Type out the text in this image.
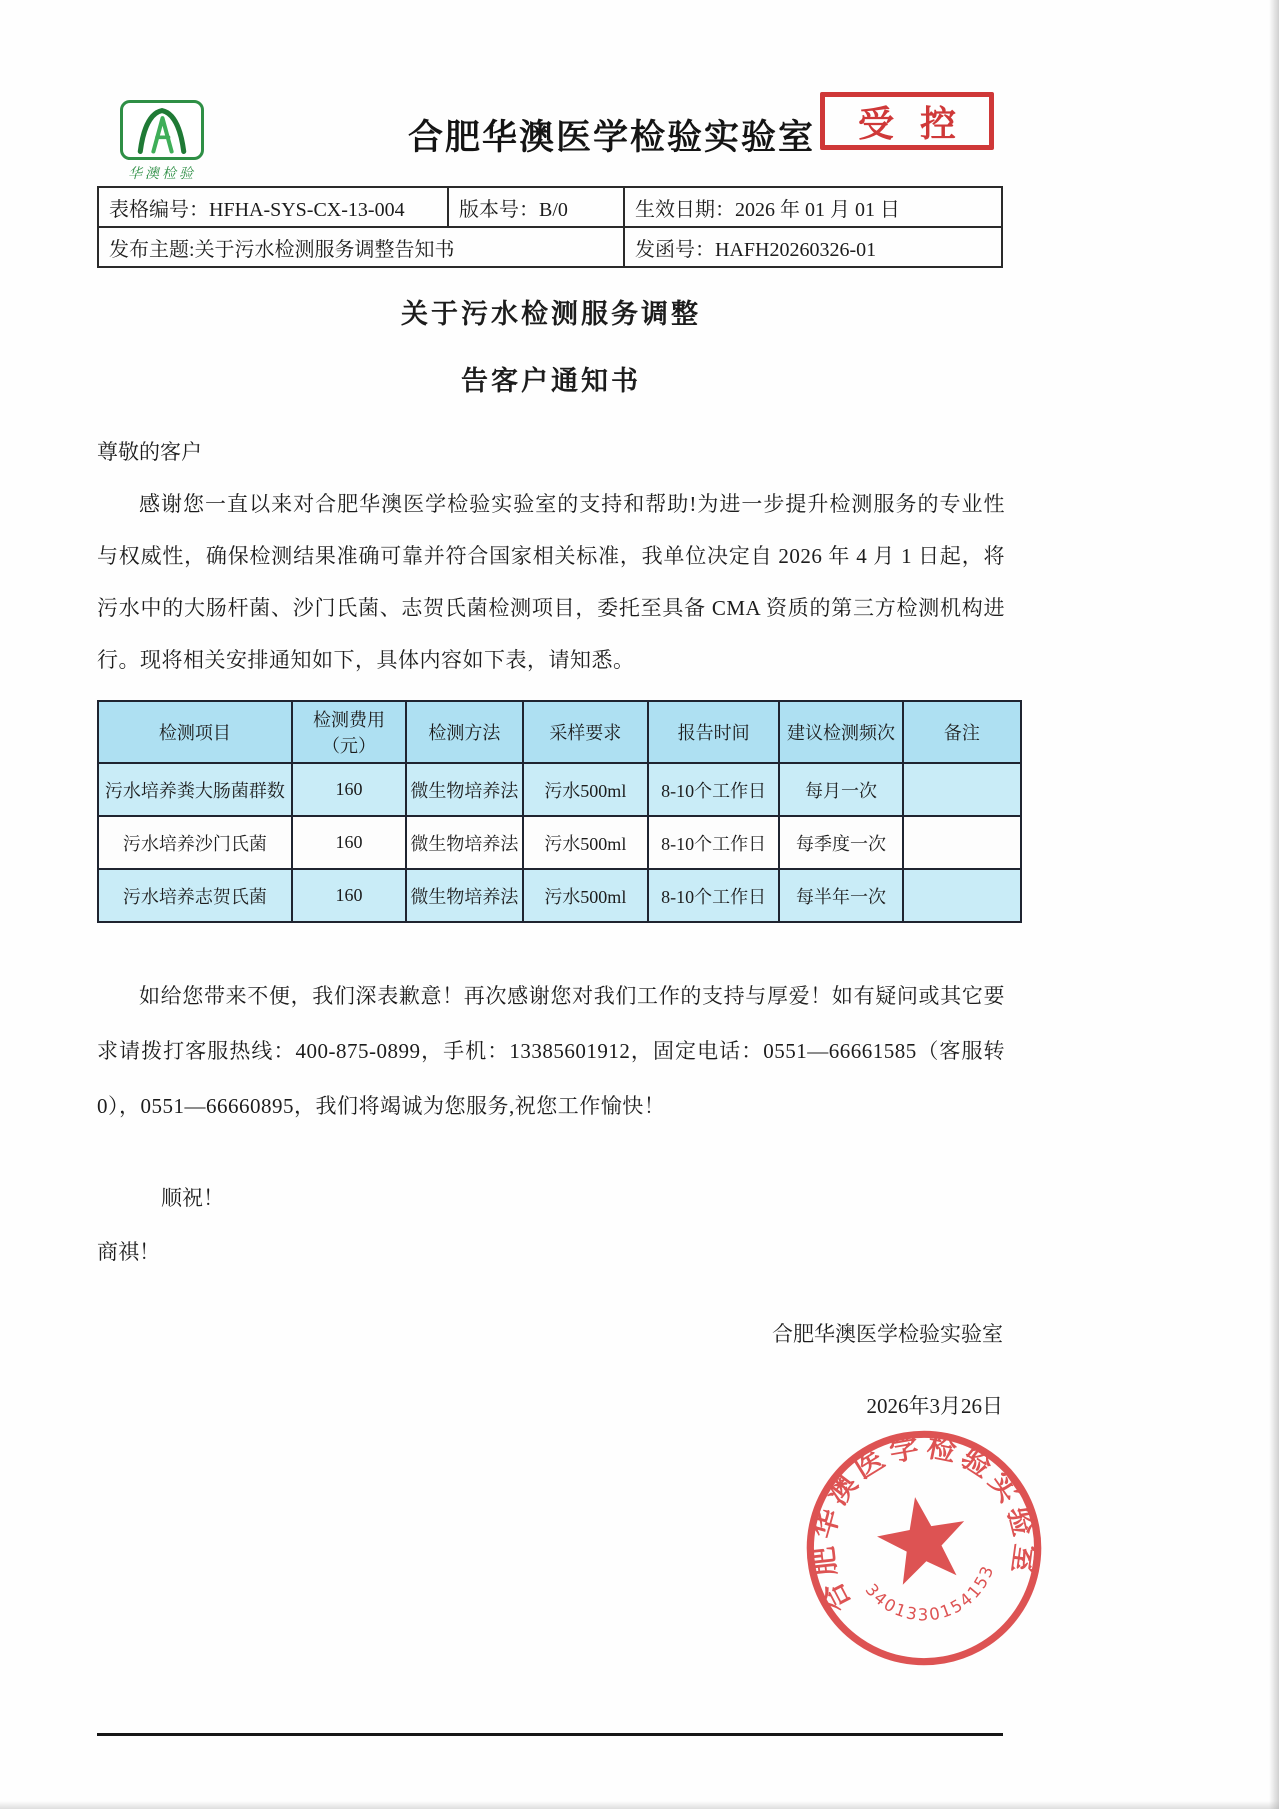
华澳检验
合肥华澳医学检验实验室	受控
表格编号：HFHA-SYS-CX-13-004	版本号：B/0	生效日期：2026 年 01 月 01 日
发布主题:关于污水检测服务调整告知书		发函号：HAFH20260326-01
关于污水检测服务调整
告客户通知书

尊敬的客户

感谢您一直以来对合肥华澳医学检验实验室的支持和帮助!为进一步提升检测服务的专业性与权威性，确保检测结果准确可靠并符合国家相关标准，我单位决定自 2026 年 4 月 1 日起，将污水中的大肠杆菌、沙门氏菌、志贺氏菌检测项目，委托至具备 CMA 资质的第三方检测机构进行。现将相关安排通知如下，具体内容如下表，请知悉。

检测项目	检测费用（元）	检测方法	采样要求	报告时间	建议检测频次	备注
污水培养粪大肠菌群数	160	微生物培养法	污水500ml	8-10个工作日	每月一次	
污水培养沙门氏菌	160	微生物培养法	污水500ml	8-10个工作日	每季度一次	
污水培养志贺氏菌	160	微生物培养法	污水500ml	8-10个工作日	每半年一次	

如给您带来不便，我们深表歉意！再次感谢您对我们工作的支持与厚爱！如有疑问或其它要求请拨打客服热线：400-875-0899，手机：13385601912，固定电话：0551—66661585（客服转0），0551—66660895，我们将竭诚为您服务,祝您工作愉快！

顺祝！

商祺！

合肥华澳医学检验实验室
2026年3月26日
合肥华澳医学检验实验室
3401330154153
